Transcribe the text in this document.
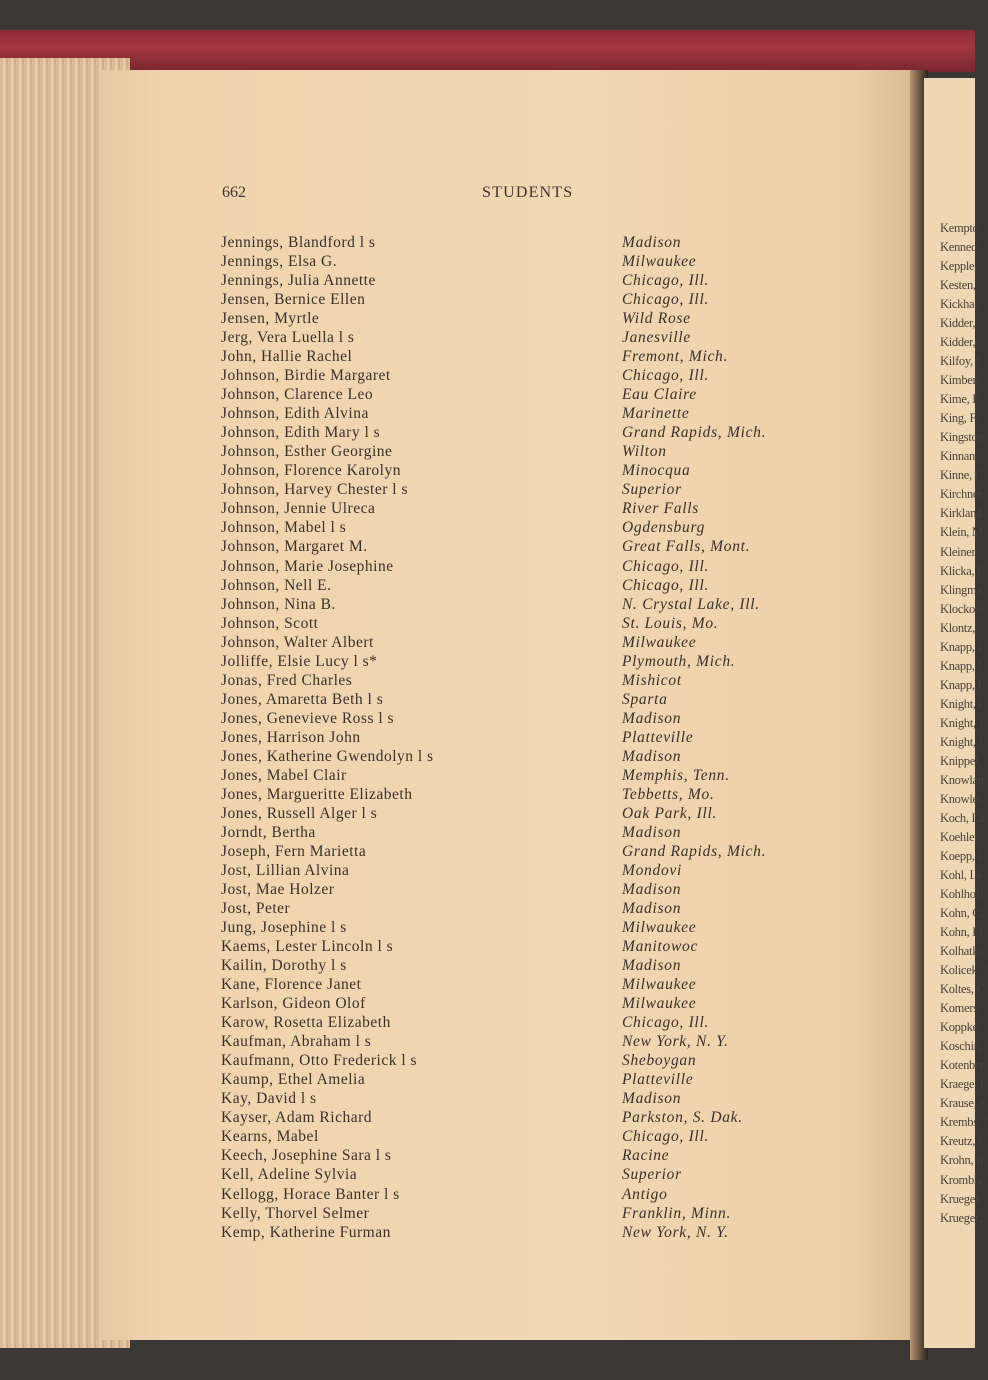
Kempto
Kenned
Kepple,
Kesten,
Kickhae
Kidder,
Kidder,
Kilfoy, I
Kimberl
Kime, E
King, Fl
Kingston
Kinnan,
Kinne, C
Kirchner
Kirkland
Klein, M
Kleiner,
Klicka, F
Klingma
Klockow,
Klontz,
Knapp, I
Knapp, I
Knapp, I
Knight, I
Knight, J
Knight, I
Knippel,
Knowlan
Knowles,
Koch, La
Koehler,
Koepp, C
Kohl, Le
Kohlhoff,
Kohn, Cl
Kohn, Fl
Kolhatka
Kolicek, J
Koltes, C
Komers,
Koppke,
Koschin,
Kotenber
Kraege, F
Krause, S
Krembs, I
Kreutz, G
Krohn, Ir
Krombho
Krueger,
Krueger,
662	STUDENTS
Jennings, Blandford l s	Madison
Jennings, Elsa G.	Milwaukee
Jennings, Julia Annette	Chicago, Ill.
Jensen, Bernice Ellen	Chicago, Ill.
Jensen, Myrtle	Wild Rose
Jerg, Vera Luella l s	Janesville
John, Hallie Rachel	Fremont, Mich.
Johnson, Birdie Margaret	Chicago, Ill.
Johnson, Clarence Leo	Eau Claire
Johnson, Edith Alvina	Marinette
Johnson, Edith Mary l s	Grand Rapids, Mich.
Johnson, Esther Georgine	Wilton
Johnson, Florence Karolyn	Minocqua
Johnson, Harvey Chester l s	Superior
Johnson, Jennie Ulreca	River Falls
Johnson, Mabel l s	Ogdensburg
Johnson, Margaret M.	Great Falls, Mont.
Johnson, Marie Josephine	Chicago, Ill.
Johnson, Nell E.	Chicago, Ill.
Johnson, Nina B.	N. Crystal Lake, Ill.
Johnson, Scott	St. Louis, Mo.
Johnson, Walter Albert	Milwaukee
Jolliffe, Elsie Lucy l s*	Plymouth, Mich.
Jonas, Fred Charles	Mishicot
Jones, Amaretta Beth l s	Sparta
Jones, Genevieve Ross l s	Madison
Jones, Harrison John	Platteville
Jones, Katherine Gwendolyn l s	Madison
Jones, Mabel Clair	Memphis, Tenn.
Jones, Margueritte Elizabeth	Tebbetts, Mo.
Jones, Russell Alger l s	Oak Park, Ill.
Jorndt, Bertha	Madison
Joseph, Fern Marietta	Grand Rapids, Mich.
Jost, Lillian Alvina	Mondovi
Jost, Mae Holzer	Madison
Jost, Peter	Madison
Jung, Josephine l s	Milwaukee
Kaems, Lester Lincoln l s	Manitowoc
Kailin, Dorothy l s	Madison
Kane, Florence Janet	Milwaukee
Karlson, Gideon Olof	Milwaukee
Karow, Rosetta Elizabeth	Chicago, Ill.
Kaufman, Abraham l s	New York, N. Y.
Kaufmann, Otto Frederick l s	Sheboygan
Kaump, Ethel Amelia	Platteville
Kay, David l s	Madison
Kayser, Adam Richard	Parkston, S. Dak.
Kearns, Mabel	Chicago, Ill.
Keech, Josephine Sara l s	Racine
Kell, Adeline Sylvia	Superior
Kellogg, Horace Banter l s	Antigo
Kelly, Thorvel Selmer	Franklin, Minn.
Kemp, Katherine Furman	New York, N. Y.
